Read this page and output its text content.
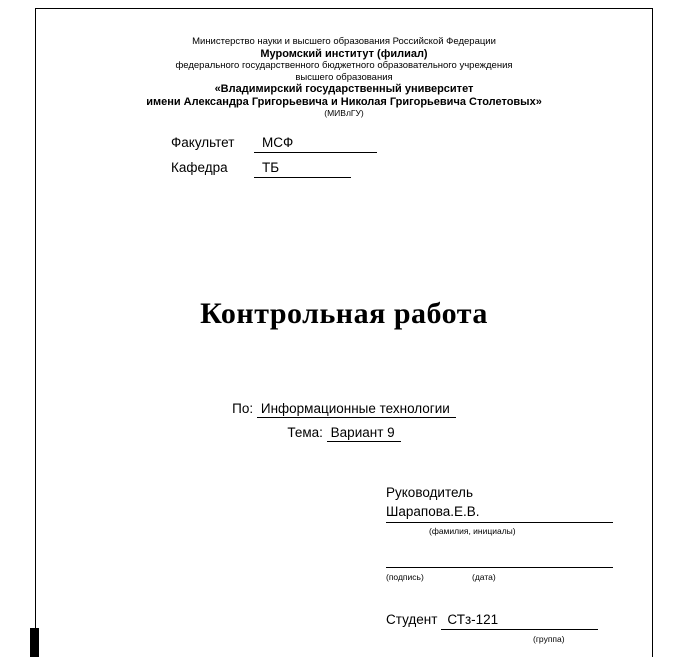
Министерство науки и высшего образования Российской Федерации
Муромский институт (филиал)
федерального государственного бюджетного образовательного учреждения
высшего образования
«Владимирский государственный университет
имени Александра Григорьевича и Николая Григорьевича Столетовых»
(МИВлГУ)
Факультет МСФ
Кафедра	ТБ
Контрольная работа
По: Информационные технологии
Тема: Вариант 9
Руководитель
Шарапова.Е.В.
(фамилия, инициалы)
(подпись)	(дата)
Студент СТз-121
(группа)
